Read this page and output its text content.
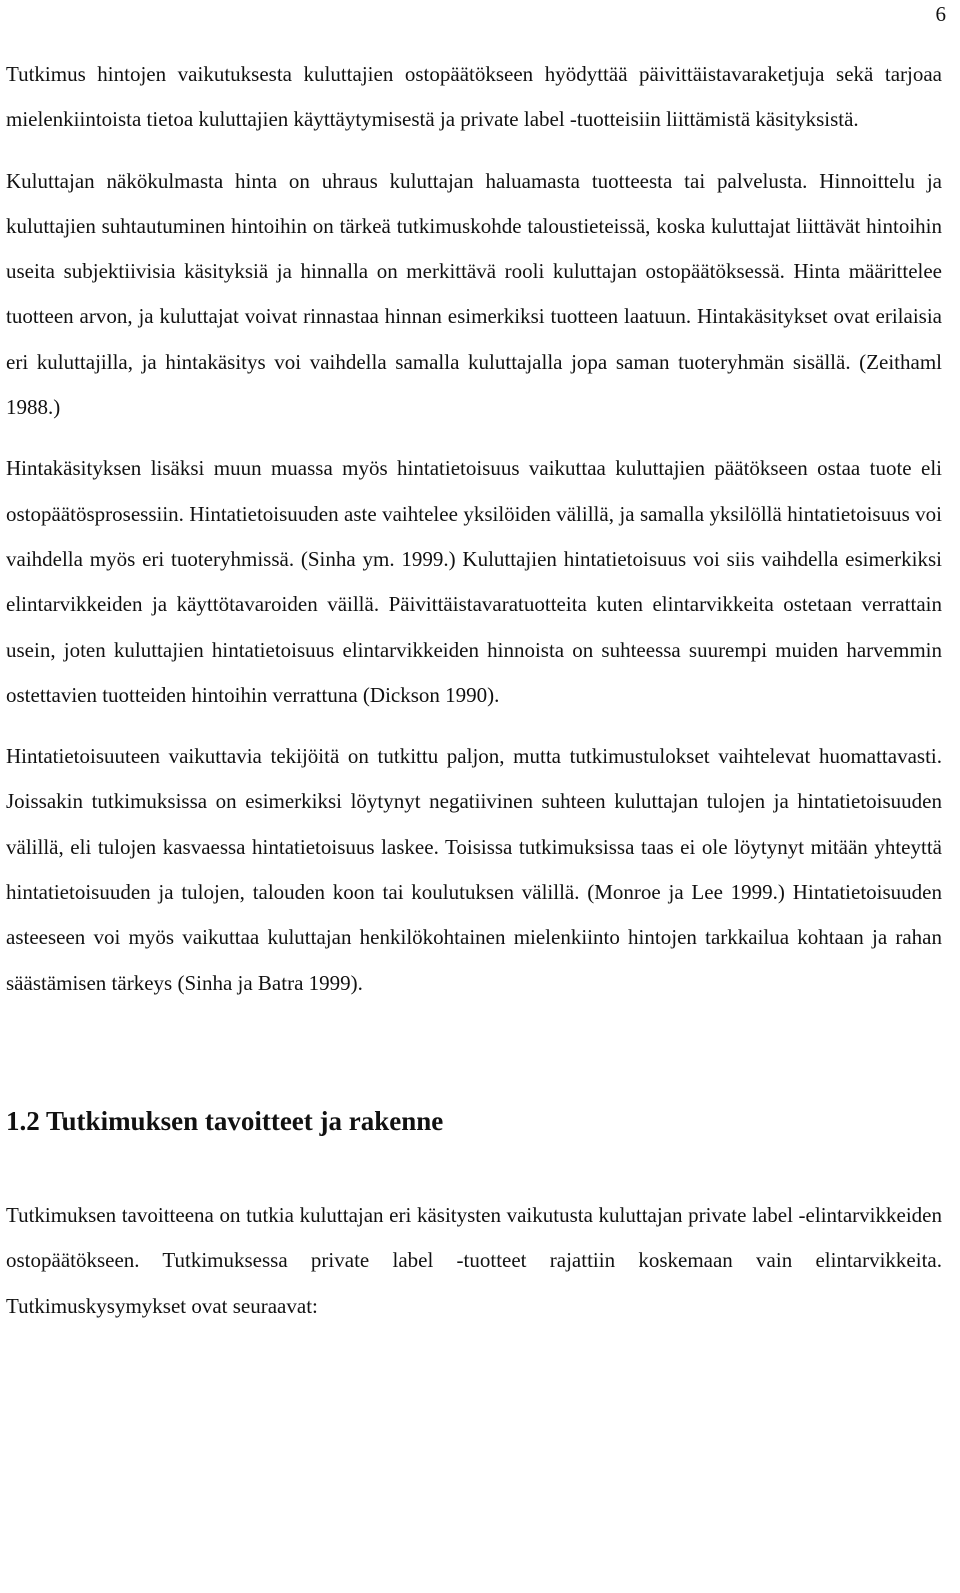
6

Tutkimus hintojen vaikutuksesta kuluttajien ostopäätökseen hyödyttää päivittäistavaraketjuja sekä tarjoaa mielenkiintoista tietoa kuluttajien käyttäytymisestä ja private label -tuotteisiin liittämistä käsityksistä.

Kuluttajan näkökulmasta hinta on uhraus kuluttajan haluamasta tuotteesta tai palvelusta. Hinnoittelu ja kuluttajien suhtautuminen hintoihin on tärkeä tutkimuskohde taloustieteissä, koska kuluttajat liittävät hintoihin useita subjektiivisia käsityksiä ja hinnalla on merkittävä rooli kuluttajan ostopäätöksessä. Hinta määrittelee tuotteen arvon, ja kuluttajat voivat rinnastaa hinnan esimerkiksi tuotteen laatuun. Hintakäsitykset ovat erilaisia eri kuluttajilla, ja hintakäsitys voi vaihdella samalla kuluttajalla jopa saman tuoteryhmän sisällä. (Zeithaml 1988.)

Hintakäsityksen lisäksi muun muassa myös hintatietoisuus vaikuttaa kuluttajien päätökseen ostaa tuote eli ostopäätösprosessiin. Hintatietoisuuden aste vaihtelee yksilöiden välillä, ja samalla yksilöllä hintatietoisuus voi vaihdella myös eri tuoteryhmissä. (Sinha ym. 1999.) Kuluttajien hintatietoisuus voi siis vaihdella esimerkiksi elintarvikkeiden ja käyttötavaroiden väillä. Päivittäistavaratuotteita kuten elintarvikkeita ostetaan verrattain usein, joten kuluttajien hintatietoisuus elintarvikkeiden hinnoista on suhteessa suurempi muiden harvemmin ostettavien tuotteiden hintoihin verrattuna (Dickson 1990).

Hintatietoisuuteen vaikuttavia tekijöitä on tutkittu paljon, mutta tutkimustulokset vaihtelevat huomattavasti. Joissakin tutkimuksissa on esimerkiksi löytynyt negatiivinen suhteen kuluttajan tulojen ja hintatietoisuuden välillä, eli tulojen kasvaessa hintatietoisuus laskee. Toisissa tutkimuksissa taas ei ole löytynyt mitään yhteyttä hintatietoisuuden ja tulojen, talouden koon tai koulutuksen välillä. (Monroe ja Lee 1999.) Hintatietoisuuden asteeseen voi myös vaikuttaa kuluttajan henkilökohtainen mielenkiinto hintojen tarkkailua kohtaan ja rahan säästämisen tärkeys (Sinha ja Batra 1999).

1.2 Tutkimuksen tavoitteet ja rakenne

Tutkimuksen tavoitteena on tutkia kuluttajan eri käsitysten vaikutusta kuluttajan private label -elintarvikkeiden ostopäätökseen. Tutkimuksessa private label -tuotteet rajattiin koskemaan vain elintarvikkeita. Tutkimuskysymykset ovat seuraavat:
